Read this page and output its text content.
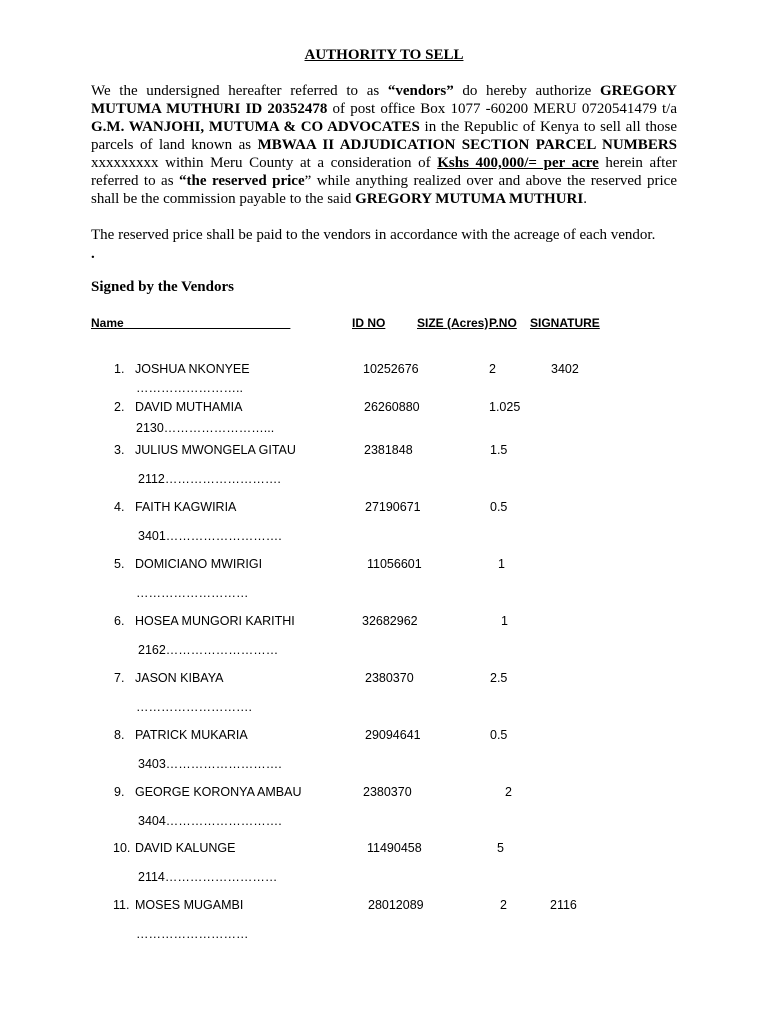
AUTHORITY TO SELL
We the undersigned hereafter referred to as “vendors” do hereby authorize GREGORY MUTUMA MUTHURI ID 20352478 of post office Box 1077 -60200 MERU 0720541479 t/a G.M. WANJOHI, MUTUMA & CO ADVOCATES in the Republic of Kenya to sell all those parcels of land known as MBWAA II ADJUDICATION SECTION PARCEL NUMBERS xxxxxxxxx within Meru County at a consideration of Kshs 400,000/= per acre herein after referred to as “the reserved price” while anything realized over and above the reserved price shall be the commission payable to the said GREGORY MUTUMA MUTHURI.
The reserved price shall be paid to the vendors in accordance with the acreage of each vendor.
.
Signed by the Vendors
Name	ID NO	SIZE (Acres) P.NO SIGNATURE
1. JOSHUA NKONYEE	10252676	2	3402
……………………..
2. DAVID MUTHAMIA	26260880	1.025
2130……………………...
3. JULIUS MWONGELA GITAU	2381848	1.5
2112……………………….
4. FAITH KAGWIRIA	27190671	0.5
3401……………………….
5. DOMICIANO MWIRIGI	11056601	1
………………………
6. HOSEA MUNGORI KARITHI	32682962	1
2162………………………
7. JASON KIBAYA	2380370	2.5
……………………….
8. PATRICK MUKARIA	29094641	0.5
3403……………………….
9. GEORGE KORONYA AMBAU	2380370	2
3404……………………….
10. DAVID KALUNGE	11490458	5
2114………………………
11. MOSES MUGAMBI	28012089	2	2116
………………………
